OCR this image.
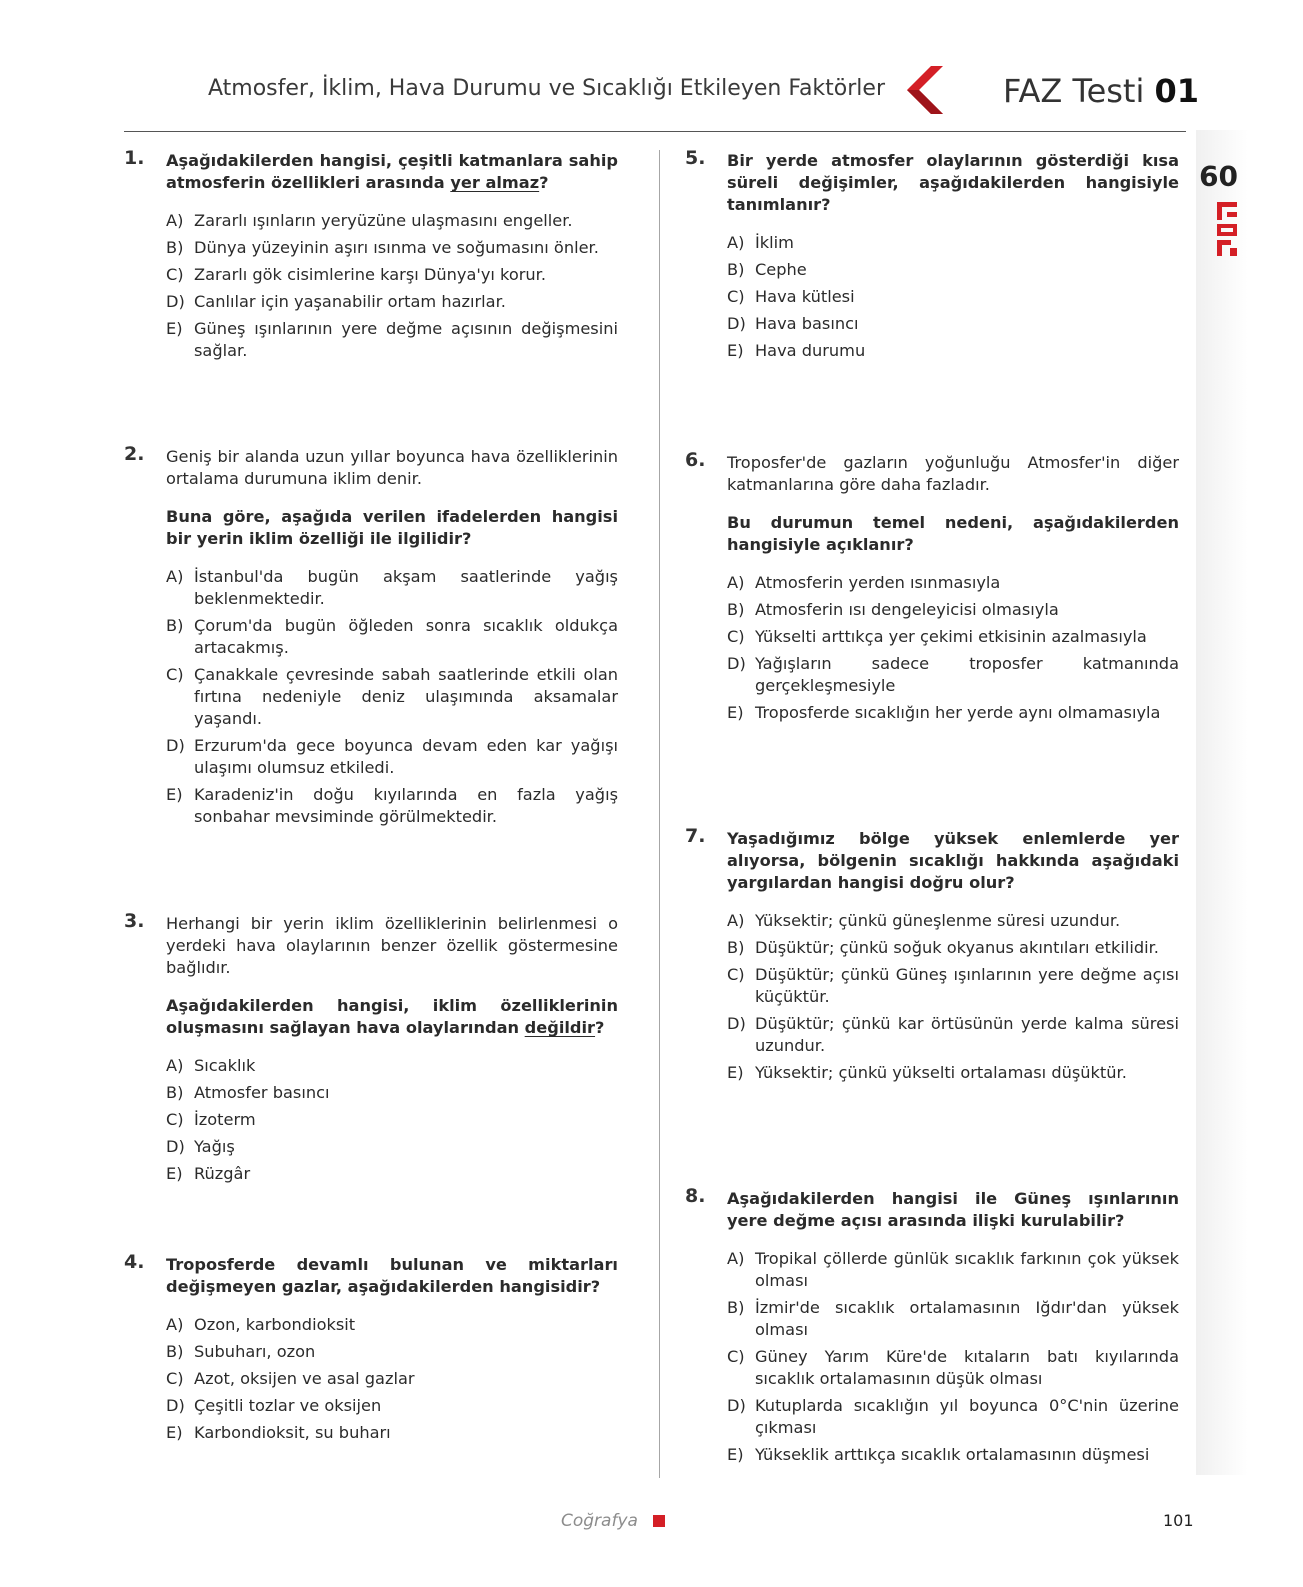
Atmosfer, İklim, Hava Durumu ve Sıcaklığı Etkileyen Faktörler	FAZ Testi 01
09
1. Aşağıdakilerden hangisi, çeşitli katmanlara sahip atmosferin özellikleri arasında yer almaz?

A) Zararlı ışınların yeryüzüne ulaşmasını engeller.
B) Dünya yüzeyinin aşırı ısınma ve soğumasını önler.
C) Zararlı gök cisimlerine karşı Dünya'yı korur.
D) Canlılar için yaşanabilir ortam hazırlar.
E) Güneş ışınlarının yere değme açısının değişmesini sağlar.
2. Geniş bir alanda uzun yıllar boyunca hava özelliklerinin ortalama durumuna iklim denir.

Buna göre, aşağıda verilen ifadelerden hangisi bir yerin iklim özelliği ile ilgilidir?

A) İstanbul'da bugün akşam saatlerinde yağış beklenmektedir.
B) Çorum'da bugün öğleden sonra sıcaklık oldukça artacakmış.
C) Çanakkale çevresinde sabah saatlerinde etkili olan fırtına nedeniyle deniz ulaşımında aksamalar yaşandı.
D) Erzurum'da gece boyunca devam eden kar yağışı ulaşımı olumsuz etkiledi.
E) Karadeniz'in doğu kıyılarında en fazla yağış sonbahar mevsiminde görülmektedir.
3. Herhangi bir yerin iklim özelliklerinin belirlenmesi o yerdeki hava olaylarının benzer özellik göstermesine bağlıdır.

Aşağıdakilerden hangisi, iklim özelliklerinin oluşmasını sağlayan hava olaylarından değildir?

A) Sıcaklık
B) Atmosfer basıncı
C) İzoterm
D) Yağış
E) Rüzgâr
4. Troposferde devamlı bulunan ve miktarları değişmeyen gazlar, aşağıdakilerden hangisidir?

A) Ozon, karbondioksit
B) Subuharı, ozon
C) Azot, oksijen ve asal gazlar
D) Çeşitli tozlar ve oksijen
E) Karbondioksit, su buharı
5. Bir yerde atmosfer olaylarının gösterdiği kısa süreli değişimler, aşağıdakilerden hangisiyle tanımlanır?

A) İklim
B) Cephe
C) Hava kütlesi
D) Hava basıncı
E) Hava durumu
6. Troposfer'de gazların yoğunluğu Atmosfer'in diğer katmanlarına göre daha fazladır.

Bu durumun temel nedeni, aşağıdakilerden hangisiyle açıklanır?

A) Atmosferin yerden ısınmasıyla
B) Atmosferin ısı dengeleyicisi olmasıyla
C) Yükselti arttıkça yer çekimi etkisinin azalmasıyla
D) Yağışların sadece troposfer katmanında gerçekleşmesiyle
E) Troposferde sıcaklığın her yerde aynı olmamasıyla
7. Yaşadığımız bölge yüksek enlemlerde yer alıyorsa, bölgenin sıcaklığı hakkında aşağıdaki yargılardan hangisi doğru olur?

A) Yüksektir; çünkü güneşlenme süresi uzundur.
B) Düşüktür; çünkü soğuk okyanus akıntıları etkilidir.
C) Düşüktür; çünkü Güneş ışınlarının yere değme açısı küçüktür.
D) Düşüktür; çünkü kar örtüsünün yerde kalma süresi uzundur.
E) Yüksektir; çünkü yükselti ortalaması düşüktür.
8. Aşağıdakilerden hangisi ile Güneş ışınlarının yere değme açısı arasında ilişki kurulabilir?

A) Tropikal çöllerde günlük sıcaklık farkının çok yüksek olması
B) İzmir'de sıcaklık ortalamasının Iğdır'dan yüksek olması
C) Güney Yarım Küre'de kıtaların batı kıyılarında sıcaklık ortalamasının düşük olması
D) Kutuplarda sıcaklığın yıl boyunca 0°C'nin üzerine çıkması
E) Yükseklik arttıkça sıcaklık ortalamasının düşmesi
Coğrafya	101
